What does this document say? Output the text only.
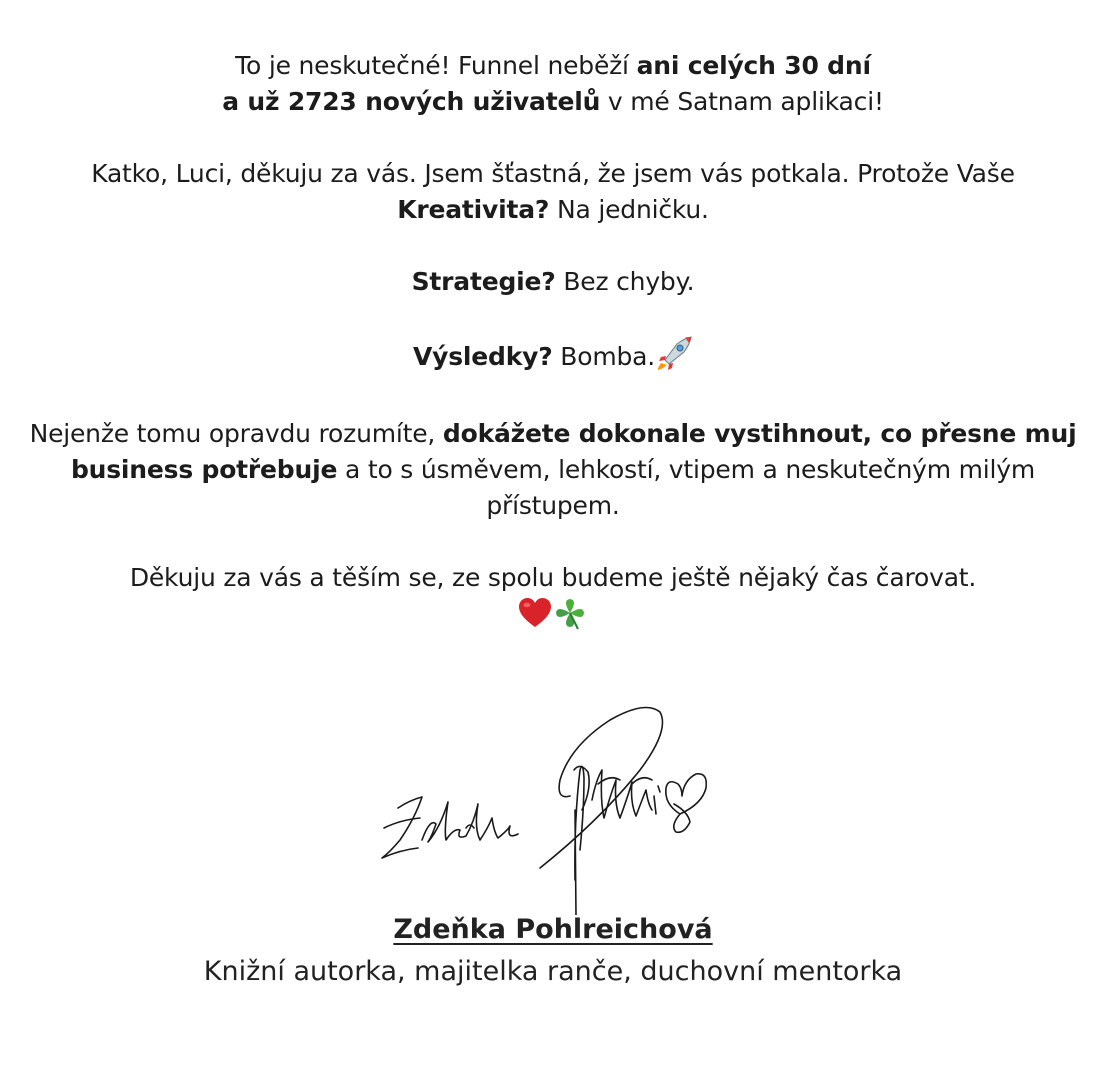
To je neskutečné! Funnel neběží ani celých 30 dní
a už 2723 nových uživatelů v mé Satnam aplikaci!

Katko, Luci, děkuju za vás. Jsem šťastná, že jsem vás potkala. Protože Vaše
Kreativita? Na jedničku.

Strategie? Bez chyby.

Výsledky? Bomba.

Nejenže tomu opravdu rozumíte, dokážete dokonale vystihnout, co přesne muj business potřebuje a to s úsměvem, lehkostí, vtipem a neskutečným milým přístupem.

Děkuju za vás a těším se, ze spolu budeme ještě nějaký čas čarovat.

Zdeňka Pohlreichová
Knižní autorka, majitelka ranče, duchovní mentorka
